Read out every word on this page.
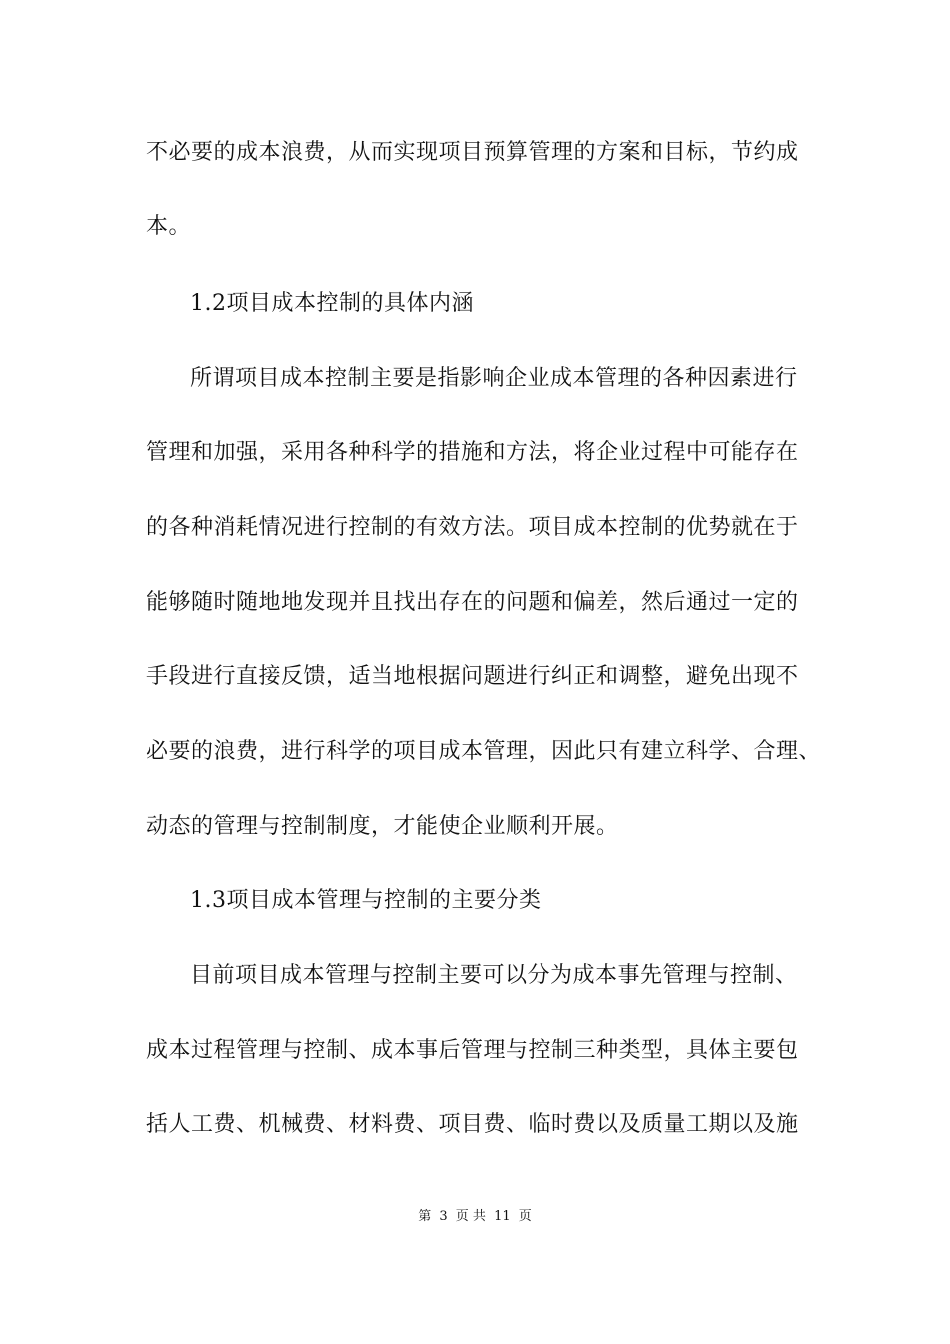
不必要的成本浪费，从而实现项目预算管理的方案和目标，节约成
本。
1.2项目成本控制的具体内涵
所谓项目成本控制主要是指影响企业成本管理的各种因素进行
管理和加强，采用各种科学的措施和方法，将企业过程中可能存在
的各种消耗情况进行控制的有效方法。项目成本控制的优势就在于
能够随时随地地发现并且找出存在的问题和偏差，然后通过一定的
手段进行直接反馈，适当地根据问题进行纠正和调整，避免出现不
必要的浪费，进行科学的项目成本管理，因此只有建立科学、合理、
动态的管理与控制制度，才能使企业顺利开展。
1.3项目成本管理与控制的主要分类
目前项目成本管理与控制主要可以分为成本事先管理与控制、
成本过程管理与控制、成本事后管理与控制三种类型，具体主要包
括人工费、机械费、材料费、项目费、临时费以及质量工期以及施
第 3 页 共 11 页
